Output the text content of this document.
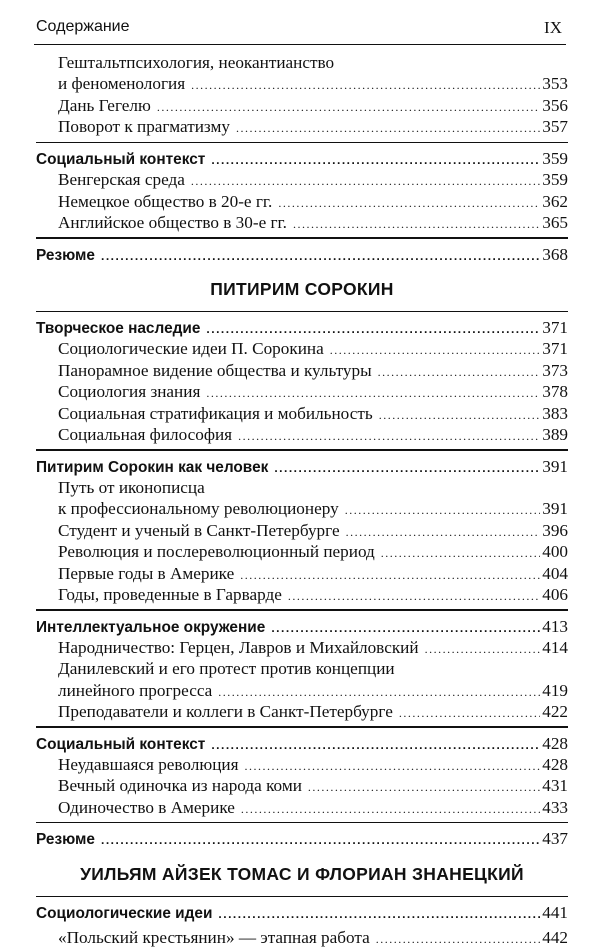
Содержание	IX
Гештальтпсихология, неокантианство
и феноменология .....	353
Дань Гегелю .....	356
Поворот к прагматизму .....	357
Социальный контекст .....	359
Венгерская среда .....	359
Немецкое общество в 20-е гг. .....	362
Английское общество в 30-е гг. .....	365
Резюме .....	368
ПИТИРИМ СОРОКИН
Творческое наследие .....	371
Социологические идеи П. Сорокина .....	371
Панорамное видение общества и культуры .....	373
Социология знания .....	378
Социальная стратификация и мобильность .....	383
Социальная философия .....	389
Питирим Сорокин как человек .....	391
Путь от иконописца
к профессиональному революционеру .....	391
Студент и ученый в Санкт-Петербурге .....	396
Революция и послереволюционный период .....	400
Первые годы в Америке .....	404
Годы, проведенные в Гарварде .....	406
Интеллектуальное окружение .....	413
Народничество: Герцен, Лавров и Михайловский .....	414
Данилевский и его протест против концепции
линейного прогресса .....	419
Преподаватели и коллеги в Санкт-Петербурге .....	422
Социальный контекст .....	428
Неудавшаяся революция .....	428
Вечный одиночка из народа коми .....	431
Одиночество в Америке .....	433
Резюме .....	437
УИЛЬЯМ АЙЗЕК ТОМАС И ФЛОРИАН ЗНАНЕЦКИЙ
Социологические идеи .....	441
«Польский крестьянин» — этапная работа .....	442
